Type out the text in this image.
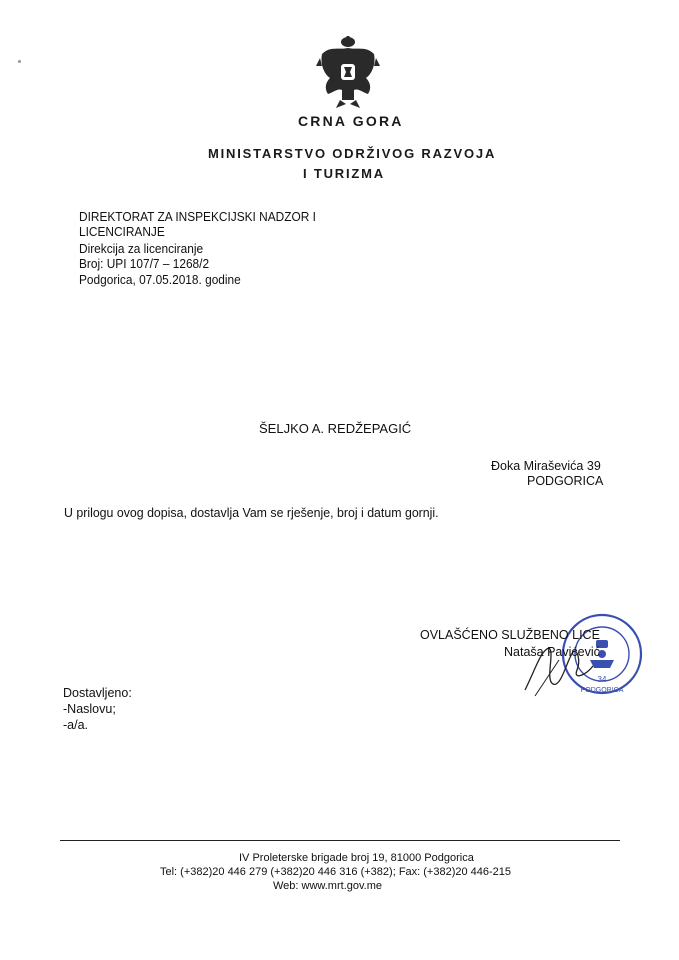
CRNA GORA
MINISTARSTVO ODRŽIVOG RAZVOJA
I TURIZMA
DIREKTORAT ZA INSPEKCIJSKI NADZOR I
LICENCIRANJE
Direkcija za licenciranje
Broj: UPI 107/7 – 1268/2
Podgorica, 07.05.2018. godine
ŠELJKO A. REDŽEPAGIĆ
Đoka Miraševića 39
PODGORICA
U prilogu ovog dopisa, dostavlja Vam se rješenje, broj i datum gornji.
34
PODGORICA
OVLAŠĆENO SLUŽBENO LICE
Nataša Pavićević
Dostavljeno:
-Naslovu;
-a/a.
IV Proleterske brigade broj 19, 81000 Podgorica
Tel: (+382)20 446 279 (+382)20 446 316 (+382); Fax: (+382)20 446-215
Web: www.mrt.gov.me
